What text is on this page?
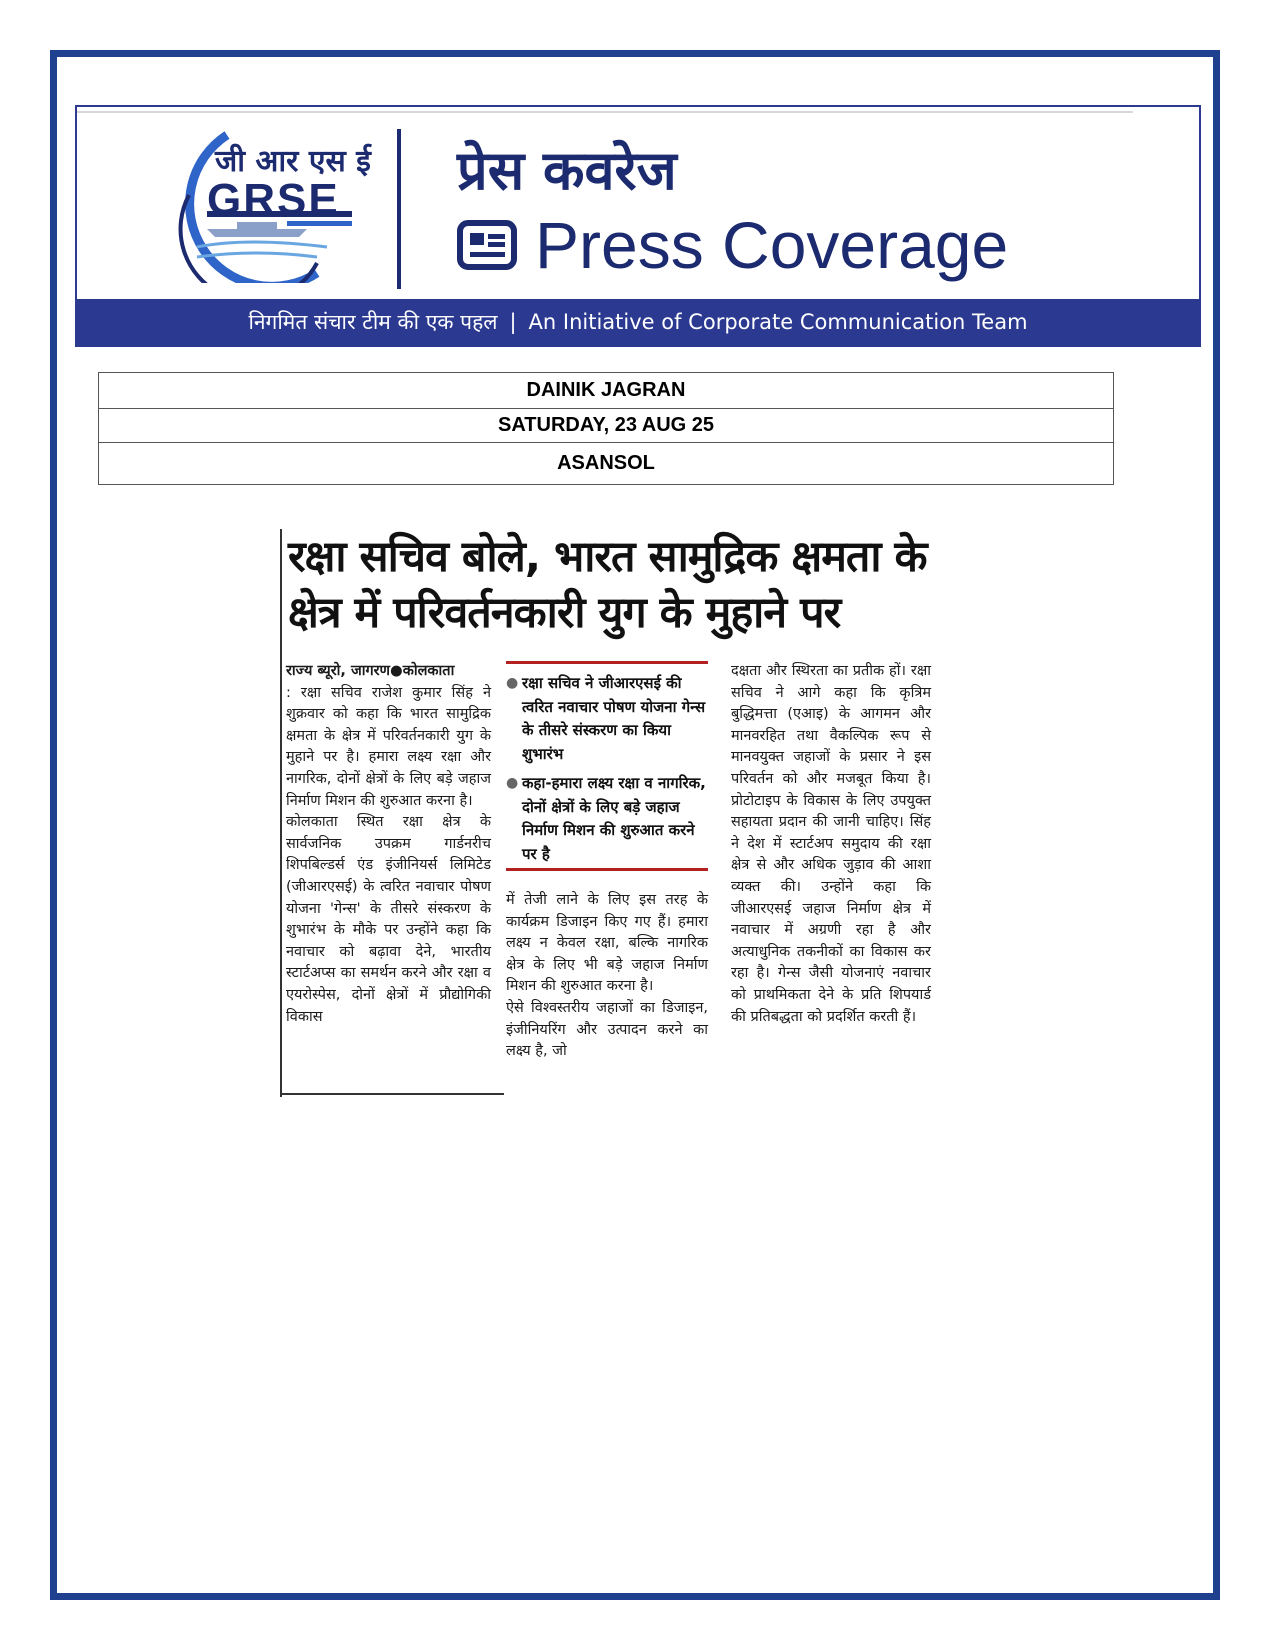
जी आर एस ई
GRSE प्रेस कवरेज
Press Coverage
निगमित संचार टीम की एक पहल | An Initiative of Corporate Communication Team
DAINIK JAGRAN
SATURDAY, 23 AUG 25
ASANSOL
रक्षा सचिव बोले, भारत सामुद्रिक क्षमता के क्षेत्र में परिवर्तनकारी युग के मुहाने पर

राज्य ब्यूरो, जागरण●कोलकाता

: रक्षा सचिव राजेश कुमार सिंह ने शुक्रवार को कहा कि भारत सामुद्रिक क्षमता के क्षेत्र में परिवर्तनकारी युग के मुहाने पर है। हमारा लक्ष्य रक्षा और नागरिक, दोनों क्षेत्रों के लिए बड़े जहाज निर्माण मिशन की शुरुआत करना है।

कोलकाता स्थित रक्षा क्षेत्र के सार्वजनिक उपक्रम गार्डनरीच शिपबिल्डर्स एंड इंजीनियर्स लिमिटेड (जीआरएसई) के त्वरित नवाचार पोषण योजना 'गेन्स' के तीसरे संस्करण के शुभारंभ के मौके पर उन्होंने कहा कि नवाचार को बढ़ावा देने, भारतीय स्टार्टअप्स का समर्थन करने और रक्षा व एयरोस्पेस, दोनों क्षेत्रों में प्रौद्योगिकी विकास

● रक्षा सचिव ने जीआरएसई की त्वरित नवाचार पोषण योजना गेन्स के तीसरे संस्करण का किया शुभारंभ
● कहा-हमारा लक्ष्य रक्षा व नागरिक, दोनों क्षेत्रों के लिए बड़े जहाज निर्माण मिशन की शुरुआत करने पर है

में तेजी लाने के लिए इस तरह के कार्यक्रम डिजाइन किए गए हैं। हमारा लक्ष्य न केवल रक्षा, बल्कि नागरिक क्षेत्र के लिए भी बड़े जहाज निर्माण मिशन की शुरुआत करना है।

ऐसे विश्वस्तरीय जहाजों का डिजाइन, इंजीनियरिंग और उत्पादन करने का लक्ष्य है, जो

दक्षता और स्थिरता का प्रतीक हों। रक्षा सचिव ने आगे कहा कि कृत्रिम बुद्धिमत्ता (एआइ) के आगमन और मानवरहित तथा वैकल्पिक रूप से मानवयुक्त जहाजों के प्रसार ने इस परिवर्तन को और मजबूत किया है। प्रोटोटाइप के विकास के लिए उपयुक्त सहायता प्रदान की जानी चाहिए। सिंह ने देश में स्टार्टअप समुदाय की रक्षा क्षेत्र से और अधिक जुड़ाव की आशा व्यक्त की। उन्होंने कहा कि जीआरएसई जहाज निर्माण क्षेत्र में नवाचार में अग्रणी रहा है और अत्याधुनिक तकनीकों का विकास कर रहा है। गेन्स जैसी योजनाएं नवाचार को प्राथमिकता देने के प्रति शिपयार्ड की प्रतिबद्धता को प्रदर्शित करती हैं।
